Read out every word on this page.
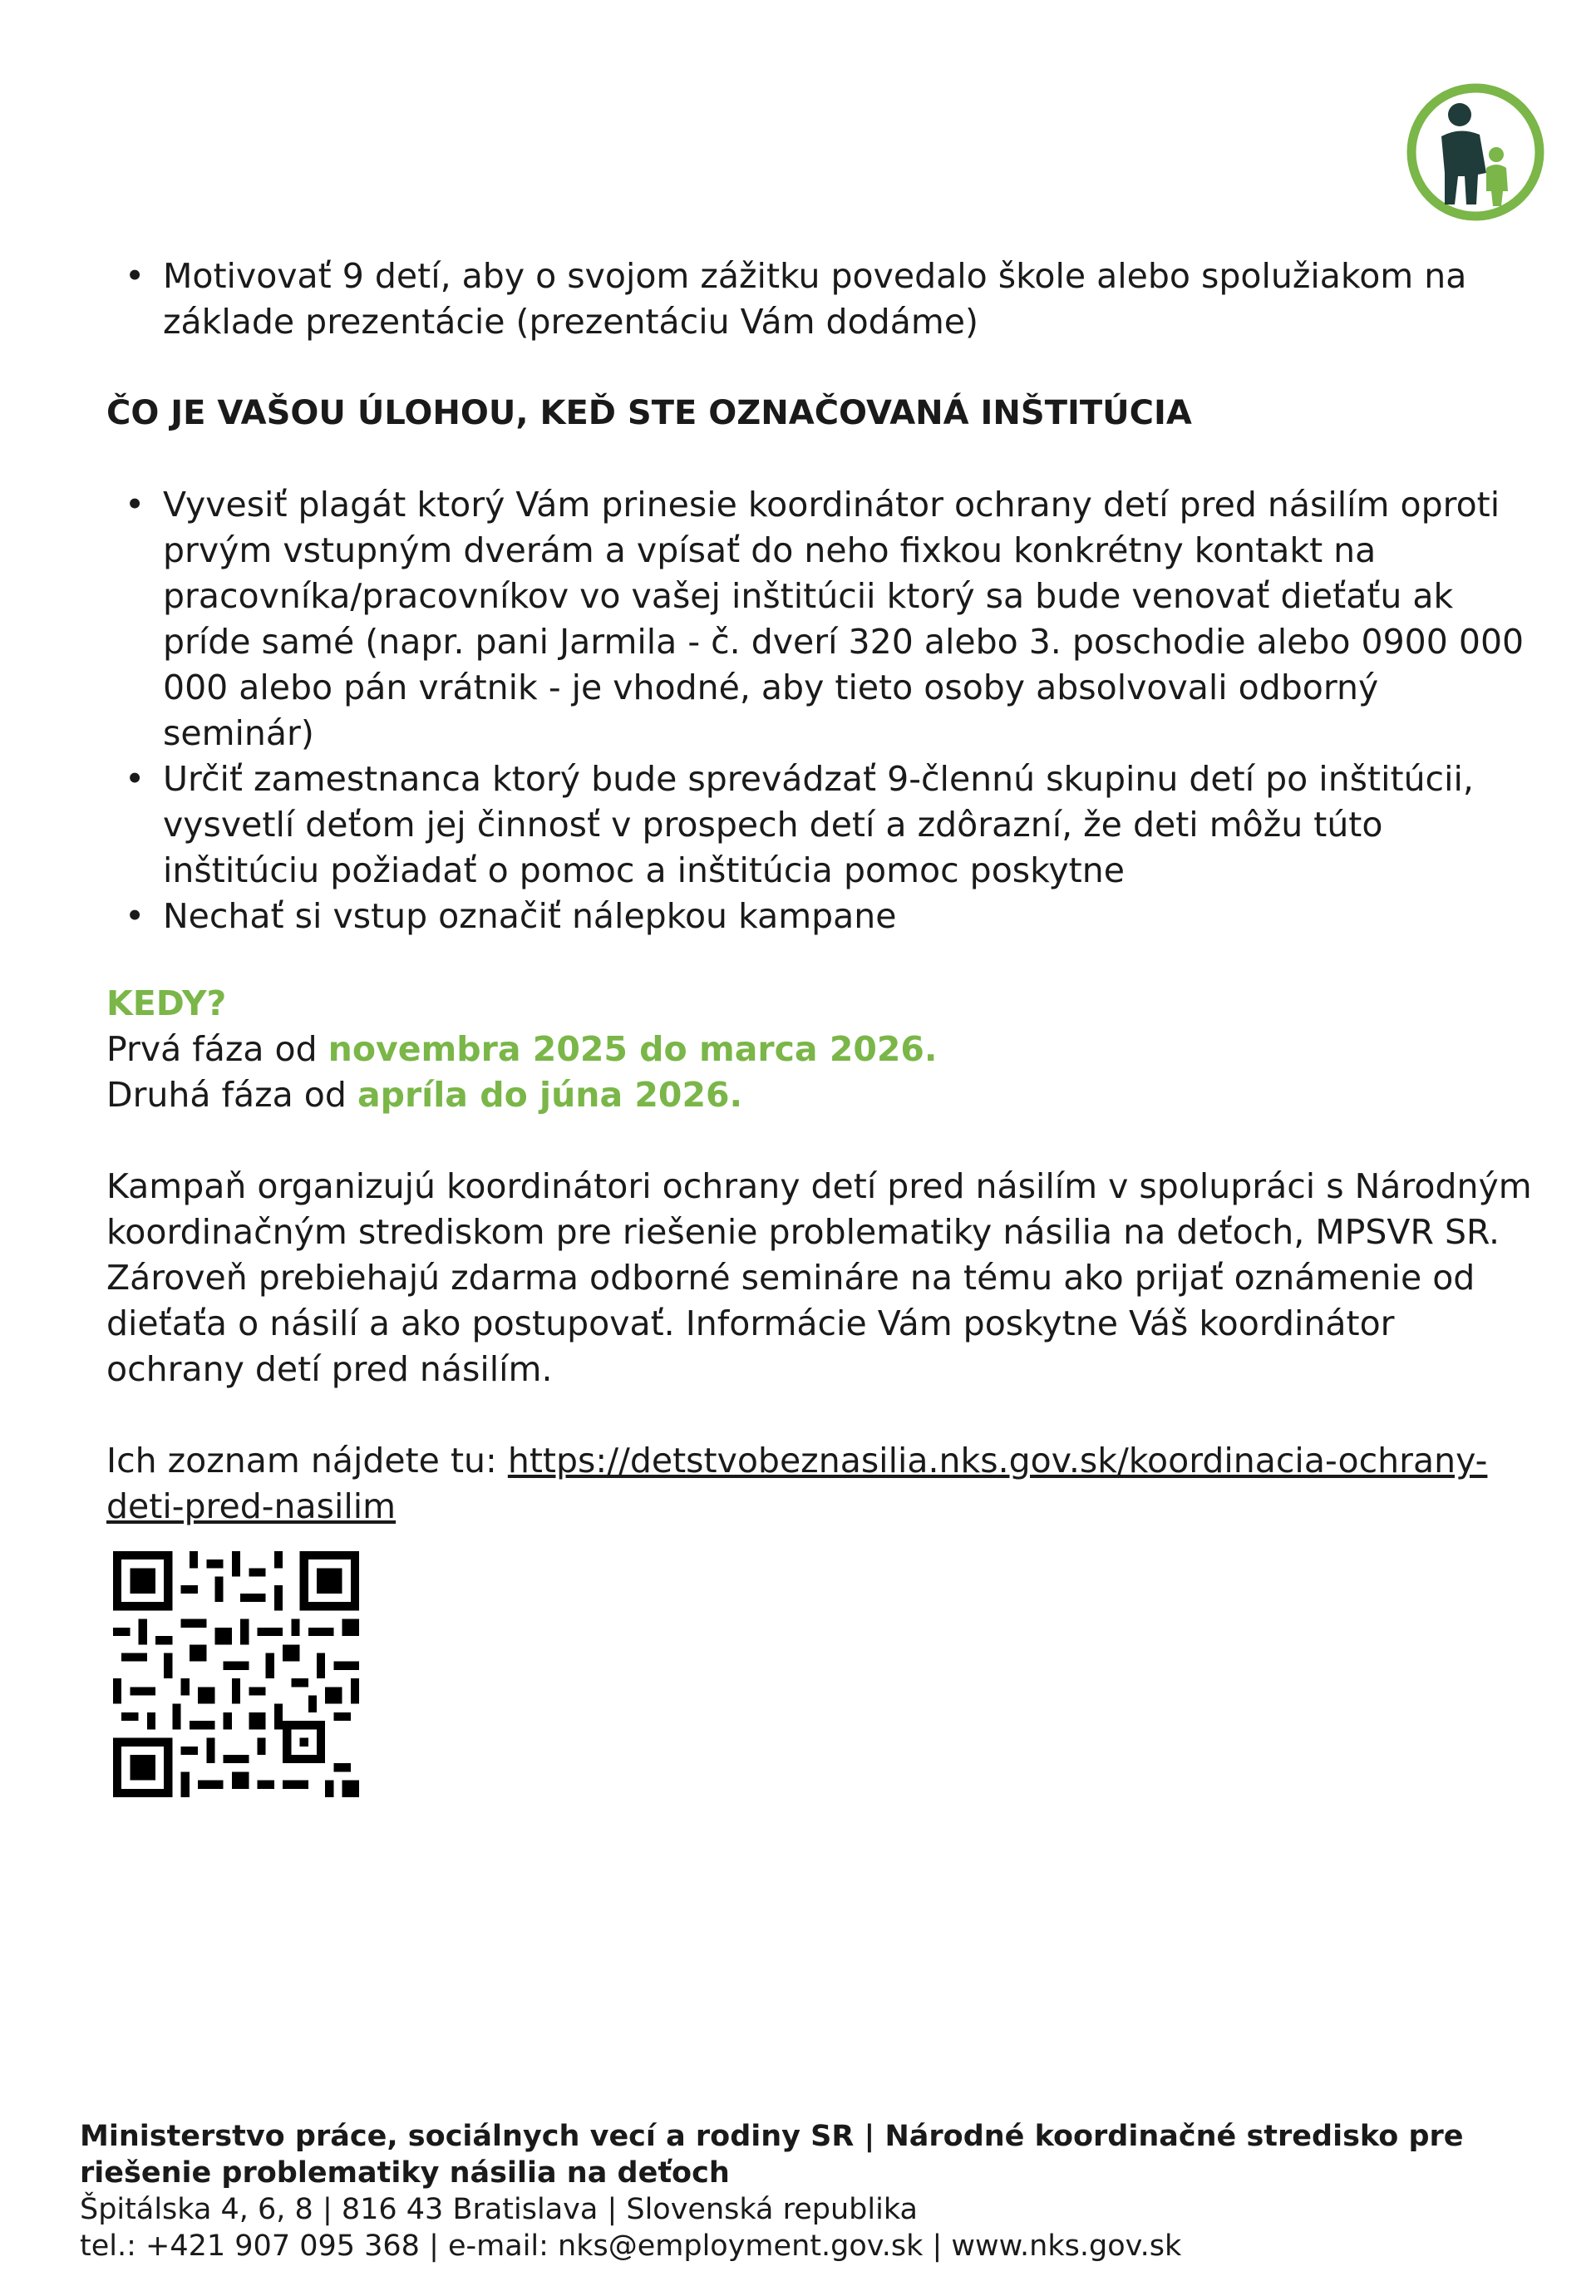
• Motivovať 9 detí, aby o svojom zážitku povedalo škole alebo spolužiakom na základe prezentácie (prezentáciu Vám dodáme)
ČO JE VAŠOU ÚLOHOU, KEĎ STE OZNAČOVANÁ INŠTITÚCIA
• Vyvesiť plagát ktorý Vám prinesie koordinátor ochrany detí pred násilím oproti prvým vstupným dverám a vpísať do neho fixkou konkrétny kontakt na pracovníka/pracovníkov vo vašej inštitúcii ktorý sa bude venovať dieťaťu ak príde samé (napr. pani Jarmila - č. dverí 320 alebo 3. poschodie alebo 0900 000 000 alebo pán vrátnik - je vhodné, aby tieto osoby absolvovali odborný seminár)
• Určiť zamestnanca ktorý bude sprevádzať 9-člennú skupinu detí po inštitúcii, vysvetlí deťom jej činnosť v prospech detí a zdôrazní, že deti môžu túto inštitúciu požiadať o pomoc a inštitúcia pomoc poskytne
• Nechať si vstup označiť nálepkou kampane
KEDY?
Prvá fáza od novembra 2025 do marca 2026.
Druhá fáza od apríla do júna 2026.
Kampaň organizujú koordinátori ochrany detí pred násilím v spolupráci s Národným koordinačným strediskom pre riešenie problematiky násilia na deťoch, MPSVR SR. Zároveň prebiehajú zdarma odborné semináre na tému ako prijať oznámenie od dieťaťa o násilí a ako postupovať. Informácie Vám poskytne Váš koordinátor ochrany detí pred násilím.
Ich zoznam nájdete tu: https://detstvobeznasilia.nks.gov.sk/koordinacia-ochrany-deti-pred-nasilim
Ministerstvo práce, sociálnych vecí a rodiny SR | Národné koordinačné stredisko pre riešenie problematiky násilia na deťoch
Špitálska 4, 6, 8 | 816 43 Bratislava | Slovenská republika
tel.: +421 907 095 368 | e-mail: nks@employment.gov.sk | www.nks.gov.sk
